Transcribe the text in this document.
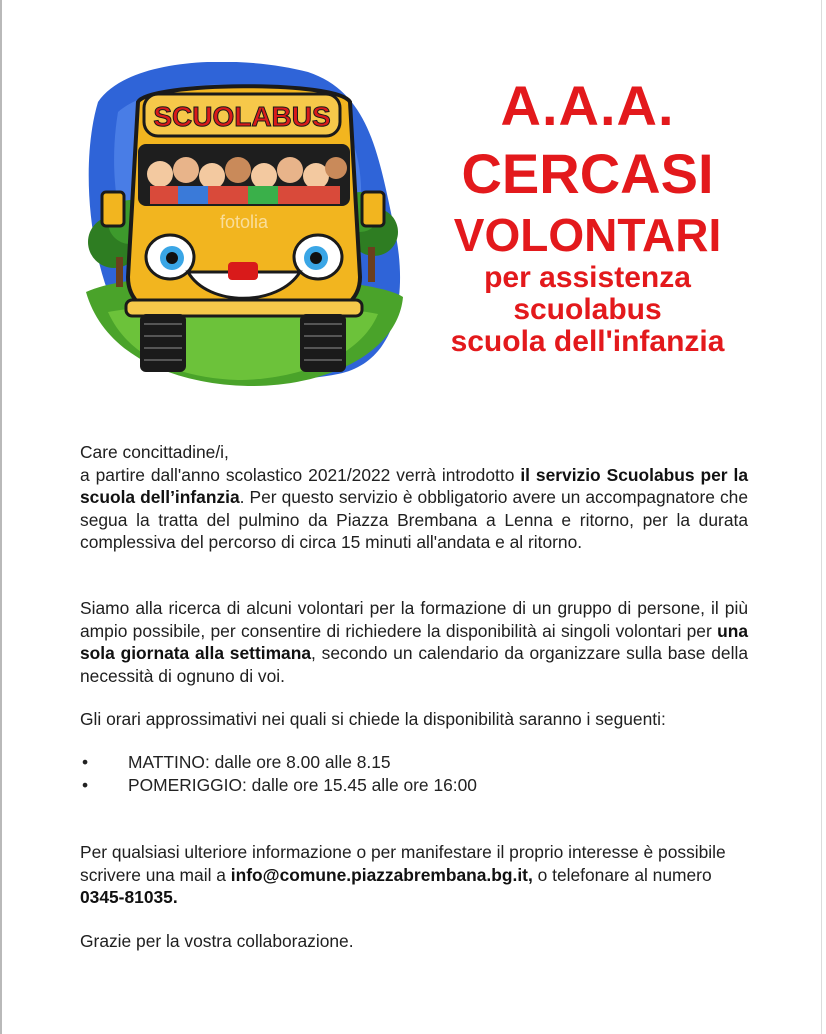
SCUOLABUS
fotolia
A.A.A.
CERCASI
VOLONTARI
per assistenza
scuolabus
scuola dell'infanzia
Care concittadine/i,
a partire dall'anno scolastico 2021/2022 verrà introdotto il servizio Scuolabus per la scuola dell’infanzia. Per questo servizio è obbligatorio avere un accompagnatore che segua la tratta del pulmino da Piazza Brembana a Lenna e ritorno, per la durata complessiva del percorso di circa 15 minuti all'andata e al ritorno.
Siamo alla ricerca di alcuni volontari per la formazione di un gruppo di persone, il più ampio possibile, per consentire di richiedere la disponibilità ai singoli volontari per una sola giornata alla settimana, secondo un calendario da organizzare sulla base della necessità di ognuno di voi.
Gli orari approssimativi nei quali si chiede la disponibilità saranno i seguenti:
• MATTINO: dalle ore 8.00 alle 8.15
• POMERIGGIO: dalle ore 15.45 alle ore 16:00
Per qualsiasi ulteriore informazione o per manifestare il proprio interesse è possibile scrivere una mail a info@comune.piazzabrembana.bg.it, o telefonare al numero 0345-81035.
Grazie per la vostra collaborazione.
